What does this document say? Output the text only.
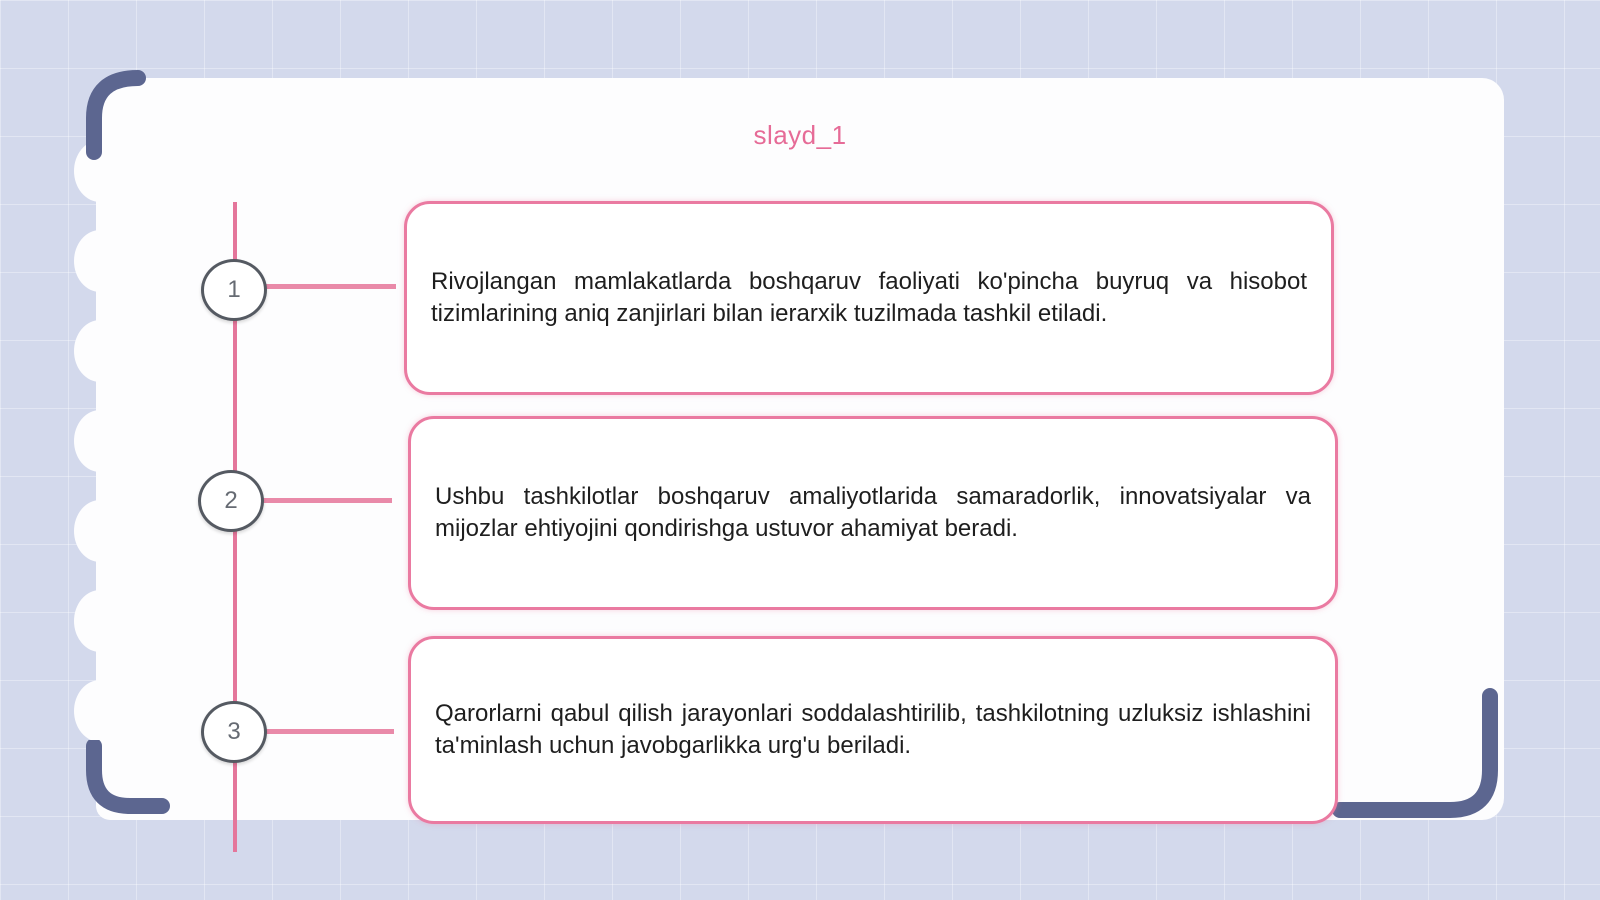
slayd_1
1
2
3

Rivojlangan mamlakatlarda boshqaruv faoliyati ko'pincha buyruq va hisobot tizimlarining aniq zanjirlari bilan ierarxik tuzilmada tashkil etiladi.

Ushbu tashkilotlar boshqaruv amaliyotlarida samaradorlik, innovatsiyalar va mijozlar ehtiyojini qondirishga ustuvor ahamiyat beradi.

Qarorlarni qabul qilish jarayonlari soddalashtirilib, tashkilotning uzluksiz ishlashini ta'minlash uchun javobgarlikka urg'u beriladi.
